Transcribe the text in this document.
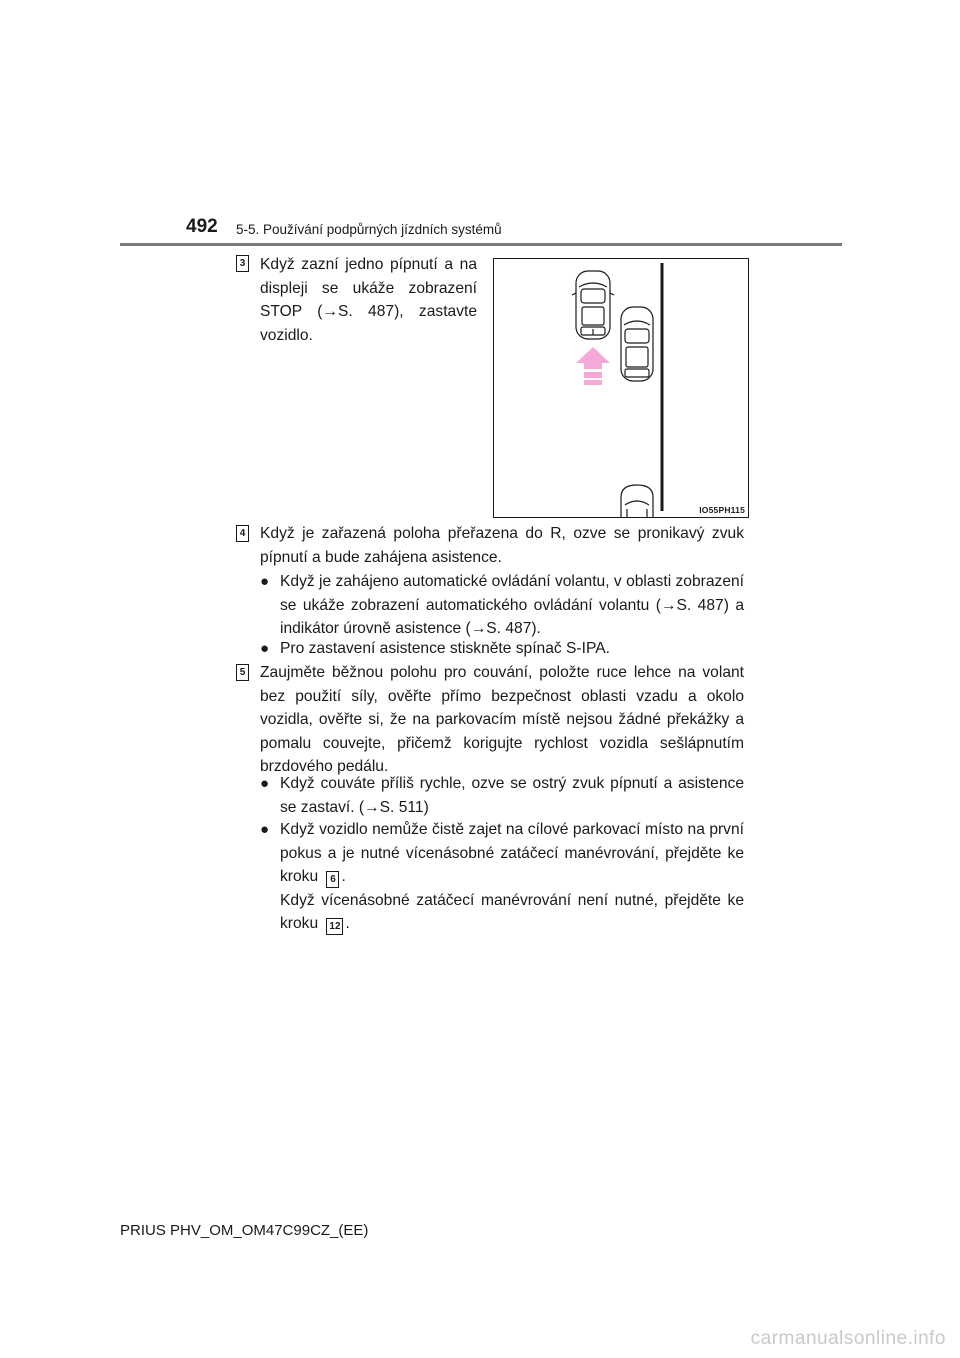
492 5-5. Používání podpůrných jízdních systémů
3 Když zazní jedno pípnutí a na displeji se ukáže zobrazení STOP (→S. 487), zastavte vozidlo.
IO55PH115
4 Když je zařazená poloha přeřazena do R, ozve se pronikavý zvuk pípnutí a bude zahájena asistence.
● Když je zahájeno automatické ovládání volantu, v oblasti zobrazení se ukáže zobrazení automatického ovládání volantu (→S. 487) a indikátor úrovně asistence (→S. 487).
● Pro zastavení asistence stiskněte spínač S-IPA.
5 Zaujměte běžnou polohu pro couvání, položte ruce lehce na volant bez použití síly, ověřte přímo bezpečnost oblasti vzadu a okolo vozidla, ověřte si, že na parkovacím místě nejsou žádné překážky a pomalu couvejte, přičemž korigujte rychlost vozidla sešlápnutím brzdového pedálu.
● Když couváte příliš rychle, ozve se ostrý zvuk pípnutí a asistence se zastaví. (→S. 511)
● Když vozidlo nemůže čistě zajet na cílové parkovací místo na první pokus a je nutné vícenásobné zatáčecí manévrování, přejděte ke kroku 6 .
Když vícenásobné zatáčecí manévrování není nutné, přejděte ke kroku 12 .
PRIUS PHV_OM_OM47C99CZ_(EE)
carmanualsonline.info
